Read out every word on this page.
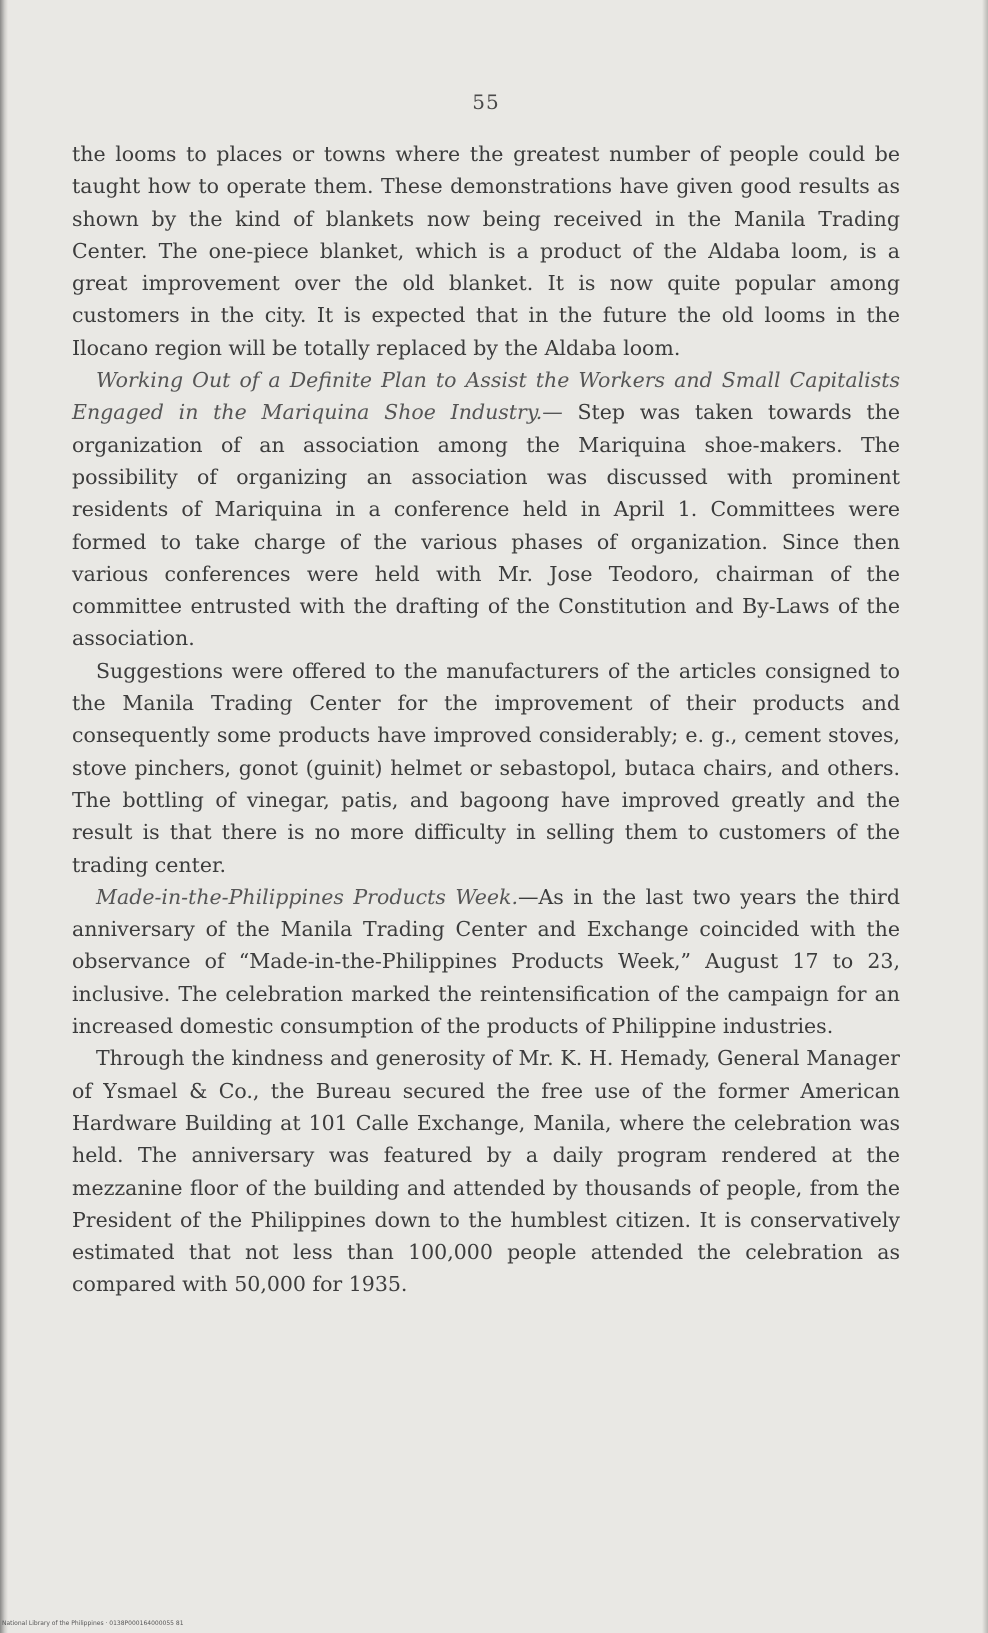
55

the looms to places or towns where the greatest number of people could be taught how to operate them. These demonstrations have given good results as shown by the kind of blankets now being received in the Manila Trading Center. The one-piece blanket, which is a product of the Aldaba loom, is a great improvement over the old blanket. It is now quite popular among customers in the city. It is expected that in the future the old looms in the Ilocano region will be totally replaced by the Aldaba loom.

Working Out of a Definite Plan to Assist the Workers and Small Capitalists Engaged in the Mariquina Shoe Industry.— Step was taken towards the organization of an association among the Mariquina shoe-makers. The possibility of organizing an association was discussed with prominent residents of Mariquina in a conference held in April 1. Committees were formed to take charge of the various phases of organization. Since then various conferences were held with Mr. Jose Teodoro, chairman of the committee entrusted with the drafting of the Constitution and By-Laws of the association.

Suggestions were offered to the manufacturers of the articles consigned to the Manila Trading Center for the improvement of their products and consequently some products have improved considerably; e. g., cement stoves, stove pinchers, gonot (guinit) helmet or sebastopol, butaca chairs, and others. The bottling of vinegar, patis, and bagoong have improved greatly and the result is that there is no more difficulty in selling them to customers of the trading center.

Made-in-the-Philippines Products Week.—As in the last two years the third anniversary of the Manila Trading Center and Exchange coincided with the observance of “Made-in-the-Philippines Products Week,” August 17 to 23, inclusive. The celebration marked the reintensification of the campaign for an increased domestic consumption of the products of Philippine industries.

Through the kindness and generosity of Mr. K. H. Hemady, General Manager of Ysmael & Co., the Bureau secured the free use of the former American Hardware Building at 101 Calle Exchange, Manila, where the celebration was held. The anniversary was featured by a daily program rendered at the mezzanine floor of the building and attended by thousands of people, from the President of the Philippines down to the humblest citizen. It is conservatively estimated that not less than 100,000 people attended the celebration as compared with 50,000 for 1935.

National Library of the Philippines · 0138P000164000055 81
